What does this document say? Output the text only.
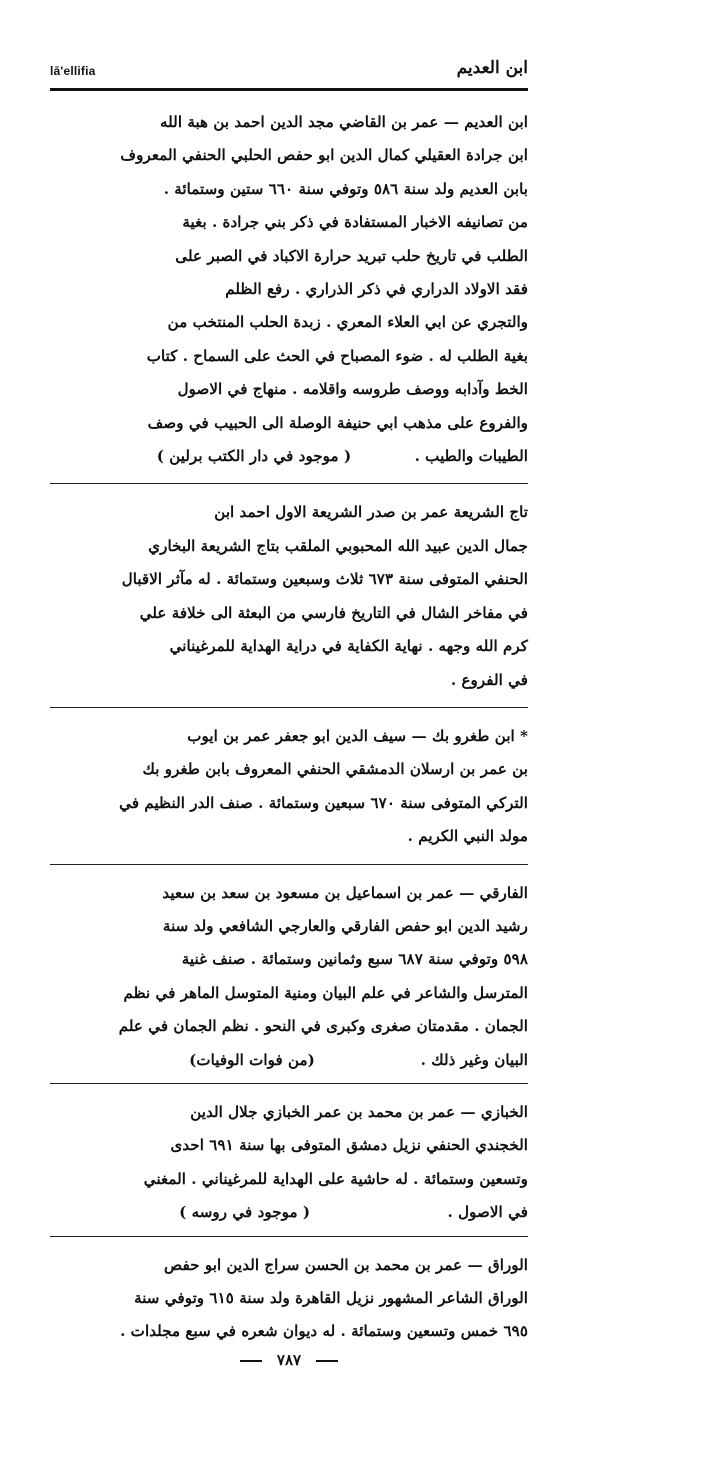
ابن العديم
lā'ellifia

ابن العديم — عمر بن القاضي مجد الدين احمد بن هبة الله

ابن جرادة العقيلي كمال الدين ابو حفص الحلبي الحنفي المعروف

بابن العديم ولد سنة ٥٨٦ وتوفي سنة ٦٦٠ ستين وستمائة .

من تصانيفه الاخبار المستفادة في ذكر بني جرادة . بغية

الطلب في تاريخ حلب تبريد حرارة الاكباد في الصبر على

فقد الاولاد الدراري في ذكر الذراري . رفع الظلم

والتجري عن ابي العلاء المعري . زبدة الحلب المنتخب من

بغية الطلب له . ضوء المصباح في الحث على السماح . كتاب

الخط وآدابه ووصف طروسه واقلامه . منهاج في الاصول

والفروع على مذهب ابي حنيفة الوصلة الى الحبيب في وصف

الطيبات والطيب .            ( موجود في دار الكتب برلين )

تاج الشريعة عمر بن صدر الشريعة الاول احمد ابن

جمال الدين عبيد الله المحبوبي الملقب بتاج الشريعة البخاري

الحنفي المتوفى سنة ٦٧٣ ثلاث وسبعين وستمائة . له مآثر الاقبال

في مفاخر الشال في التاريخ فارسي من البعثة الى خلافة علي

كرم الله وجهه . نهاية الكفاية في دراية الهداية للمرغيناني

في الفروع .

* ابن طغرو بك — سيف الدين ابو جعفر عمر بن ايوب

بن عمر بن ارسلان الدمشقي الحنفي المعروف بابن طغرو بك

التركي المتوفى سنة ٦٧٠ سبعين وستمائة . صنف الدر النظيم في

مولد النبي الكريم .

الفارقي — عمر بن اسماعيل بن مسعود بن سعد بن سعيد

رشيد الدين ابو حفص الفارقي والعارجي الشافعي ولد سنة

٥٩٨ وتوفي سنة ٦٨٧ سبع وثمانين وستمائة . صنف غنية

المترسل والشاعر في علم البيان ومنية المتوسل الماهر في نظم

الجمان . مقدمتان صغرى وكبرى في النحو . نظم الجمان في علم

البيان وغير ذلك .                    (من فوات الوفيات)

الخبازي — عمر بن محمد بن عمر الخبازي جلال الدين

الخجندي الحنفي نزيل دمشق المتوفى بها سنة ٦٩١ احدى

وتسعين وستمائة . له حاشية على الهداية للمرغيناني . المغني

في الاصول .                          ( موجود في روسه )

الوراق — عمر بن محمد بن الحسن سراج الدين ابو حفص

الوراق الشاعر المشهور نزيل القاهرة ولد سنة ٦١٥ وتوفي سنة

٦٩٥ خمس وتسعين وستمائة . له ديوان شعره في سبع مجلدات .

٧٨٧
